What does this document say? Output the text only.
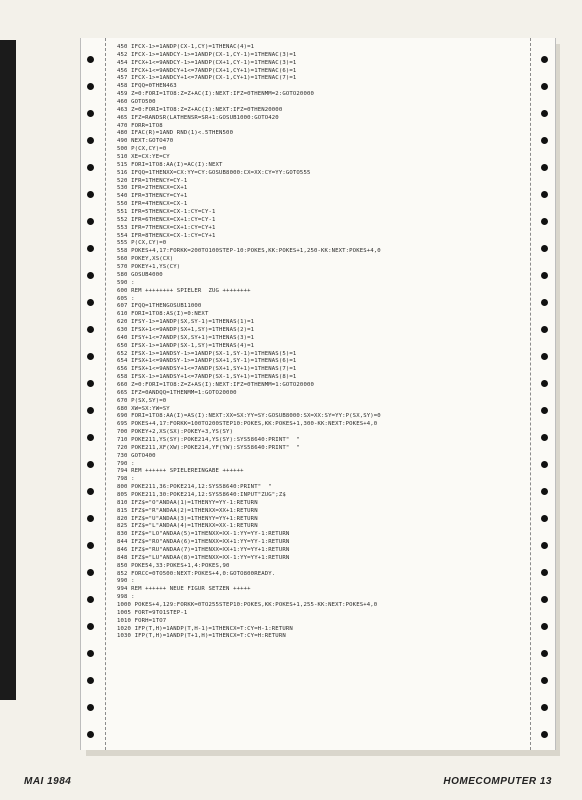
450 IFCX-1>=1ANDP(CX-1,CY)=1THENAC(4)=1
452 IFCX-1>=1ANDCY-1>=1ANDP(CX-1,CY-1)=1THENAC(3)=1
454 IFCX+1<=9ANDCY-1>=1ANDP(CX+1,CY-1)=1THENAC(3)=1
456 IFCX+1<=9ANDCY+1<=7ANDP(CX+1,CY+1)=1THENAC(6)=1
457 IFCX-1>=1ANDCY+1<=7ANDP(CX-1,CY+1)=1THENAC(7)=1
458 IFQQ=0THEN463
459 Z=0:FORI=1TO8:Z=Z+AC(I):NEXT:IFZ=0THENMM=2:GOTO20000
460 GOTO500
463 Z=0:FORI=1TO8:Z=Z+AC(I):NEXT:IFZ=0THEN20000
465 IFZ=RANDSR(LATHENSR=SR+1:GOSUB1000:GOTO420
470 FORR=1TO8
480 IFAC(R)=1AND RND(1)<.5THEN500
490 NEXT:GOTO470
500 P(CX,CY)=0
510 XE=CX:YE=CY
515 FORI=1TO8:AA(I)=AC(I):NEXT
516 IFQQ=1THENXX=CX:YY=CY:GOSUB8000:CX=XX:CY=YY:GOTO555
520 IFR=1THENCY=CY-1
530 IFR=2THENCX=CX+1
540 IFR=3THENCY=CY+1
550 IFR=4THENCX=CX-1
551 IFR=5THENCX=CX-1:CY=CY-1
552 IFR=6THENCX=CX+1:CY=CY-1
553 IFR=7THENCX=CX+1:CY=CY+1
554 IFR=8THENCX=CX-1:CY=CY+1
555 P(CX,CY)=0
558 POKES+4,17:FORKK=200TO100STEP-10:POKES,KK:POKES+1,250-KK:NEXT:POKES+4,0
560 POKEY,XS(CX)
570 POKEY+1,YS(CY)
580 GOSUB4000
590 :
600 REM ++++++++ SPIELER  ZUG ++++++++
605 :
607 IFQQ=1THENGOSUB11000
610 FORI=1TO8:AS(I)=0:NEXT
620 IFSY-1>=1ANDP(SX,SY-1)=1THENAS(1)=1
630 IFSX+1<=9ANDP(SX+1,SY)=1THENAS(2)=1
640 IFSY+1<=7ANDP(SX,SY+1)=1THENAS(3)=1
650 IFSX-1>=1ANDP(SX-1,SY)=1THENAS(4)=1
652 IFSX-1>=1ANDSY-1>=1ANDP(SX-1,SY-1)=1THENAS(5)=1
654 IFSX+1<=9ANDSY-1>=1ANDP(SX+1,SY-1)=1THENAS(6)=1
656 IFSX+1<=9ANDSY+1<=7ANDP(SX+1,SY+1)=1THENAS(7)=1
658 IFSX-1>=1ANDSY+1<=7ANDP(SX-1,SY+1)=1THENAS(8)=1
660 Z=0:FORI=1TO8:Z=Z+AS(I):NEXT:IFZ=0THENMM=1:GOTO20000
665 IFZ=0ANDQQ=1THENMM=1:GOTO20000
670 P(SX,SY)=0
680 XW=SX:YW=SY
690 FORI=1TO8:AA(I)=AS(I):NEXT:XX=SX:YY=SY:GOSUB8000:SX=XX:SY=YY:P(SX,SY)=0
695 POKES+4,17:FORKK=100TO200STEP10:POKES,KK:POKES+1,300-KK:NEXT:POKES+4,0
700 POKEY+2,XS(SX):POKEY+3,YS(SY)
710 POKE211,YS(SY):POKE214,YS(SY):SYS58640:PRINT"  "
720 POKE211,XF(XW):POKE214,YF(YW):SYS58640:PRINT"  "
730 GOTO400
790 :
794 REM ++++++ SPIELEREINGABE ++++++
798 :
800 POKE211,36:POKE214,12:SYS58640:PRINT"  "
805 POKE211,30:POKE214,12:SYS58640:INPUT"ZUG";Z$
810 IFZ$="O"ANDAA(1)=1THENYY=YY-1:RETURN
815 IFZ$="R"ANDAA(2)=1THENXX=XX+1:RETURN
820 IFZ$="U"ANDAA(3)=1THENYY=YY+1:RETURN
825 IFZ$="L"ANDAA(4)=1THENXX=XX-1:RETURN
830 IFZ$="LO"ANDAA(5)=1THENXX=XX-1:YY=YY-1:RETURN
844 IFZ$="RO"ANDAA(6)=1THENXX=XX+1:YY=YY-1:RETURN
846 IFZ$="RU"ANDAA(7)=1THENXX=XX+1:YY=YY+1:RETURN
848 IFZ$="LU"ANDAA(8)=1THENXX=XX-1:YY=YY+1:RETURN
850 POKE54,33:POKES+1,4:POKES,90
852 FORCC=0TO500:NEXT:POKES+4,0:GOTO800READY.
990 :
994 REM ++++++ NEUE FIGUR SETZEN +++++
998 :
1000 POKES+4,129:FORKK=0TO255STEP10:POKES,KK:POKES+1,255-KK:NEXT:POKES+4,0
1005 FORT=9TO1STEP-1
1010 FORH=1TO7
1020 IFP(T,H)=1ANDP(T,H-1)=1THENCX=T:CY=H-1:RETURN
1030 IFP(T,H)=1ANDP(T+1,H)=1THENCX=T:CY=H:RETURN
MAI 1984	HOMECOMPUTER 13
